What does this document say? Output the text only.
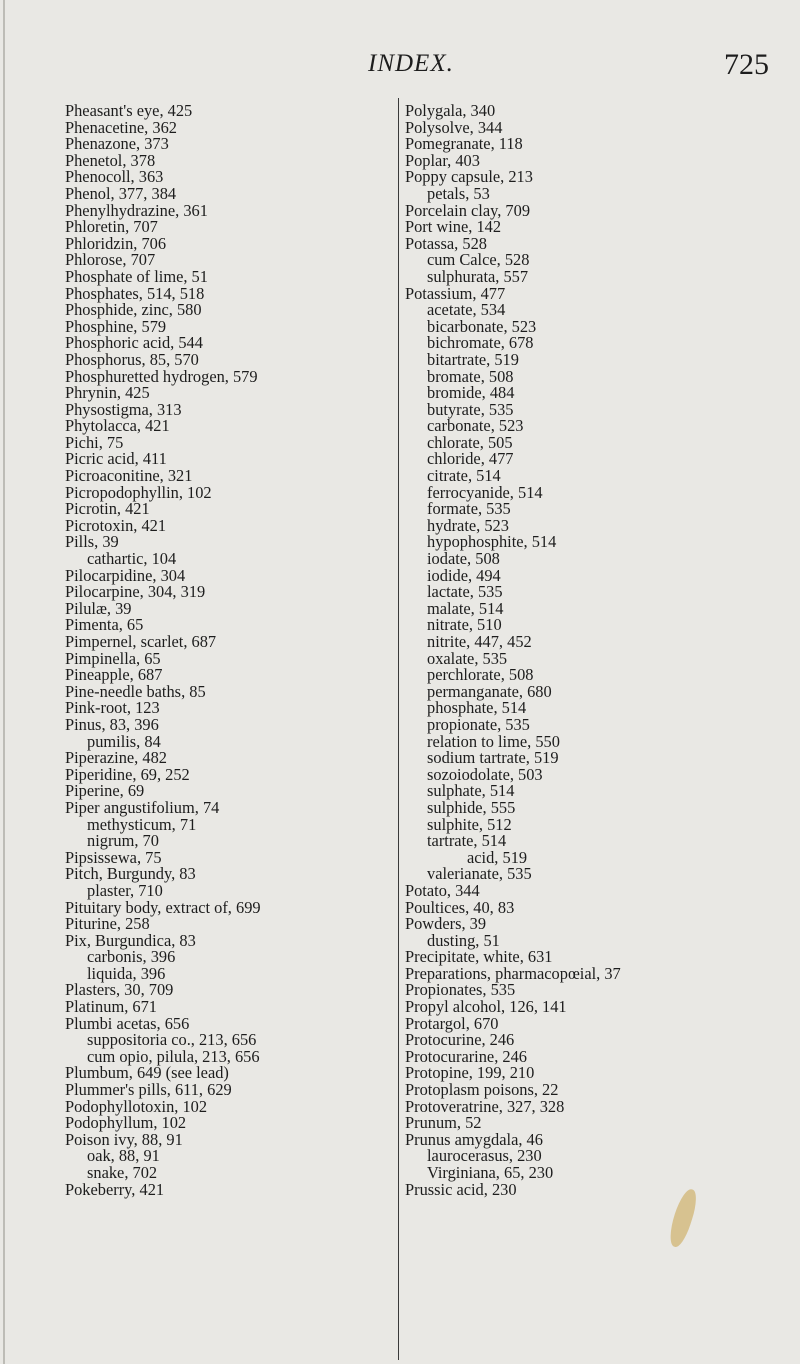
INDEX.	725
Pheasant's eye, 425
Phenacetine, 362
Phenazone, 373
Phenetol, 378
Phenocoll, 363
Phenol, 377, 384
Phenylhydrazine, 361
Phloretin, 707
Phloridzin, 706
Phlorose, 707
Phosphate of lime, 51
Phosphates, 514, 518
Phosphide, zinc, 580
Phosphine, 579
Phosphoric acid, 544
Phosphorus, 85, 570
Phosphuretted hydrogen, 579
Phrynin, 425
Physostigma, 313
Phytolacca, 421
Pichi, 75
Picric acid, 411
Picroaconitine, 321
Picropodophyllin, 102
Picrotin, 421
Picrotoxin, 421
Pills, 39
cathartic, 104
Pilocarpidine, 304
Pilocarpine, 304, 319
Pilulæ, 39
Pimenta, 65
Pimpernel, scarlet, 687
Pimpinella, 65
Pineapple, 687
Pine-needle baths, 85
Pink-root, 123
Pinus, 83, 396
pumilis, 84
Piperazine, 482
Piperidine, 69, 252
Piperine, 69
Piper angustifolium, 74
methysticum, 71
nigrum, 70
Pipsissewa, 75
Pitch, Burgundy, 83
plaster, 710
Pituitary body, extract of, 699
Piturine, 258
Pix, Burgundica, 83
carbonis, 396
liquida, 396
Plasters, 30, 709
Platinum, 671
Plumbi acetas, 656
suppositoria co., 213, 656
cum opio, pilula, 213, 656
Plumbum, 649 (see lead)
Plummer's pills, 611, 629
Podophyllotoxin, 102
Podophyllum, 102
Poison ivy, 88, 91
oak, 88, 91
snake, 702
Pokeberry, 421
Polygala, 340
Polysolve, 344
Pomegranate, 118
Poplar, 403
Poppy capsule, 213
petals, 53
Porcelain clay, 709
Port wine, 142
Potassa, 528
cum Calce, 528
sulphurata, 557
Potassium, 477
acetate, 534
bicarbonate, 523
bichromate, 678
bitartrate, 519
bromate, 508
bromide, 484
butyrate, 535
carbonate, 523
chlorate, 505
chloride, 477
citrate, 514
ferrocyanide, 514
formate, 535
hydrate, 523
hypophosphite, 514
iodate, 508
iodide, 494
lactate, 535
malate, 514
nitrate, 510
nitrite, 447, 452
oxalate, 535
perchlorate, 508
permanganate, 680
phosphate, 514
propionate, 535
relation to lime, 550
sodium tartrate, 519
sozoiodolate, 503
sulphate, 514
sulphide, 555
sulphite, 512
tartrate, 514
acid, 519
valerianate, 535
Potato, 344
Poultices, 40, 83
Powders, 39
dusting, 51
Precipitate, white, 631
Preparations, pharmacopœial, 37
Propionates, 535
Propyl alcohol, 126, 141
Protargol, 670
Protocurine, 246
Protocurarine, 246
Protopine, 199, 210
Protoplasm poisons, 22
Protoveratrine, 327, 328
Prunum, 52
Prunus amygdala, 46
laurocerasus, 230
Virginiana, 65, 230
Prussic acid, 230
